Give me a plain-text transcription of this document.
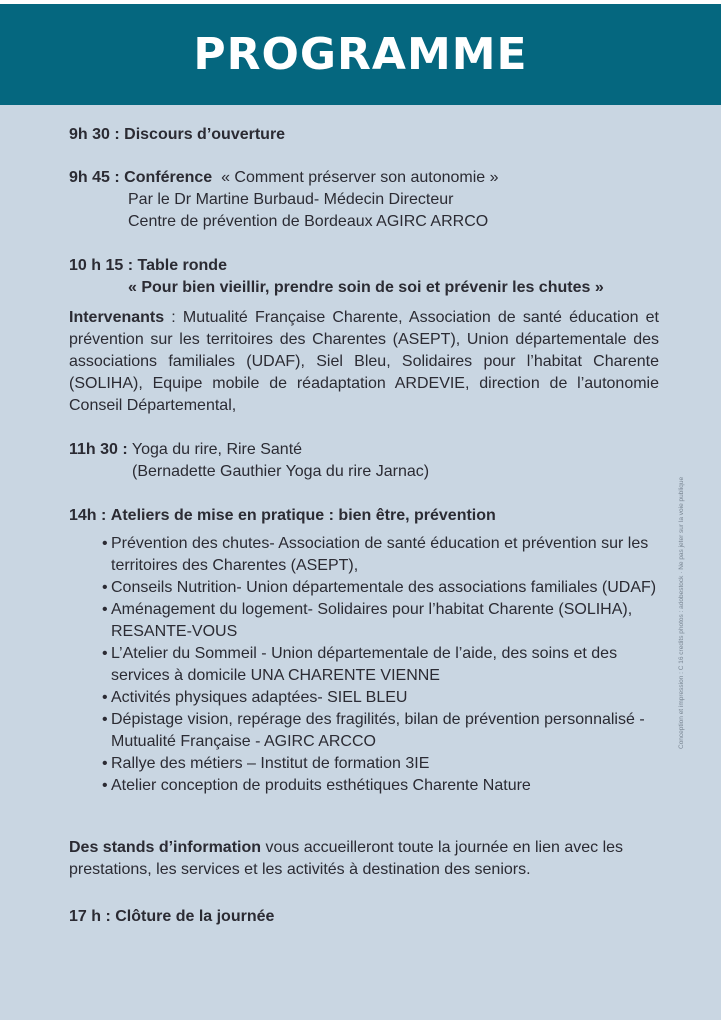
PROGRAMME
9h 30 : Discours d’ouverture
9h 45 : Conférence « Comment préserver son autonomie »
Par le Dr Martine Burbaud- Médecin Directeur
Centre de prévention de Bordeaux AGIRC ARRCO
10 h 15 : Table ronde
« Pour bien vieillir, prendre soin de soi et prévenir les chutes »
Intervenants : Mutualité Française Charente, Association de santé éducation et prévention sur les territoires des Charentes (ASEPT), Union départementale des associations familiales (UDAF), Siel Bleu, Solidaires pour l’habitat Charente (SOLIHA), Equipe mobile de réadaptation ARDEVIE, direction de l’autonomie Conseil Départemental,
11h 30 : Yoga du rire, Rire Santé
(Bernadette Gauthier Yoga du rire Jarnac)
14h : Ateliers de mise en pratique : bien être, prévention
• Prévention des chutes- Association de santé éducation et prévention sur les territoires des Charentes (ASEPT),
• Conseils Nutrition- Union départementale des associations familiales (UDAF)
• Aménagement du logement- Solidaires pour l’habitat Charente (SOLIHA), RESANTE-VOUS
• L’Atelier du Sommeil - Union départementale de l’aide, des soins et des services à domicile UNA CHARENTE VIENNE
• Activités physiques adaptées- SIEL BLEU
• Dépistage vision, repérage des fragilités, bilan de prévention personnalisé - Mutualité Française - AGIRC ARCCO
• Rallye des métiers – Institut de formation 3IE
• Atelier conception de produits esthétiques Charente Nature
Des stands d’information vous accueilleront toute la journée en lien avec les prestations, les services et les activités à destination des seniors.
17 h : Clôture de la journée
Conception et impression : C 16 credits photos : adobestock · Ne pas jeter sur la voie publique
